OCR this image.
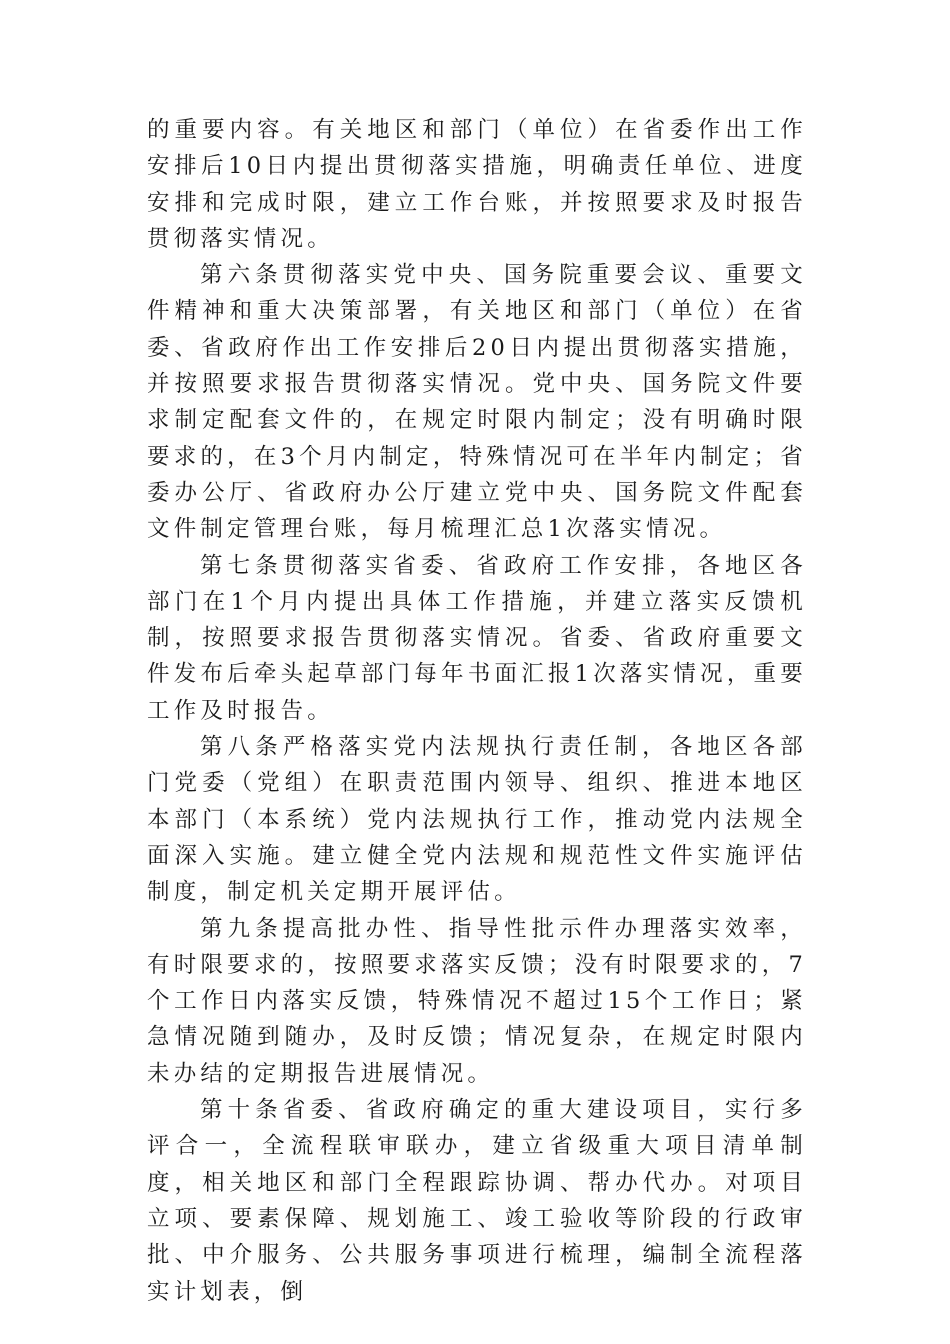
的重要内容。有关地区和部门（单位）在省委作出工作安排后10日内提出贯彻落实措施，明确责任单位、进度安排和完成时限，建立工作台账，并按照要求及时报告贯彻落实情况。

第六条贯彻落实党中央、国务院重要会议、重要文件精神和重大决策部署，有关地区和部门（单位）在省委、省政府作出工作安排后20日内提出贯彻落实措施，并按照要求报告贯彻落实情况。党中央、国务院文件要求制定配套文件的，在规定时限内制定；没有明确时限要求的，在3个月内制定，特殊情况可在半年内制定；省委办公厅、省政府办公厅建立党中央、国务院文件配套文件制定管理台账，每月梳理汇总1次落实情况。

第七条贯彻落实省委、省政府工作安排，各地区各部门在1个月内提出具体工作措施，并建立落实反馈机制，按照要求报告贯彻落实情况。省委、省政府重要文件发布后牵头起草部门每年书面汇报1次落实情况，重要工作及时报告。

第八条严格落实党内法规执行责任制，各地区各部门党委（党组）在职责范围内领导、组织、推进本地区本部门（本系统）党内法规执行工作，推动党内法规全面深入实施。建立健全党内法规和规范性文件实施评估制度，制定机关定期开展评估。

第九条提高批办性、指导性批示件办理落实效率，有时限要求的，按照要求落实反馈；没有时限要求的，7个工作日内落实反馈，特殊情况不超过15个工作日；紧急情况随到随办，及时反馈；情况复杂，在规定时限内未办结的定期报告进展情况。

第十条省委、省政府确定的重大建设项目，实行多评合一，全流程联审联办，建立省级重大项目清单制度，相关地区和部门全程跟踪协调、帮办代办。对项目立项、要素保障、规划施工、竣工验收等阶段的行政审批、中介服务、公共服务事项进行梳理，编制全流程落实计划表，倒
